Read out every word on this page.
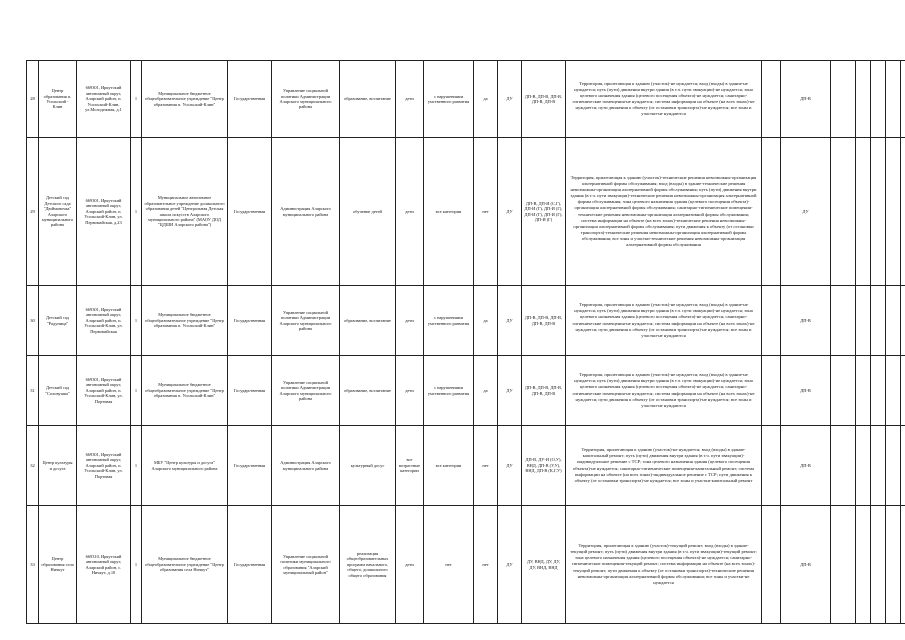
28	Центр образования п. Усольский - Клин	669301, Иркутский автономный округ, Аларский район, п. Усольский-Клин, ул.Молодежная, д.1	1	Муниципальное бюджетное общеобразовательное учреждение "Центр образования п. Усольский-Клин"	Государственная	Управление социальной политики Администрации Аларского муниципального района	образование, воспитание	дети	с нарушениями умственного развития	да	ДУ	ДП-В, ДП-В, ДП-В, ДП-В, ДП-В	Территория, прилегающая к зданию (участок)-не нуждается; вход (входы) в здание-не нуждается; путь (пути) движения внутри здания (в т.ч. пути эвакуации)-не нуждается; зона целевого назначения здания (целевого посещения объекта)-не нуждается; санитарно-гигиенические помещения-не нуждается; система информации на объекте (на всех зонах)-не нуждается; пути движения к объекту (от остановки транспорта)-не нуждается; все зоны и участки-не нуждаются		ДП-В					
29	Детский сад Детского сада "Дюймовочка" Аларского муниципального района	669301, Иркутский автономный округ, Аларский район, п. Усольский-Клин, ул. Первомайская, д.23	1	Муниципальное автономное образовательное учреждение дошкольного образования детей "Центральная Детская школа искусств Аларского муниципального района" (МАОУ ДОД "ЦДШИ Аларского района")	Государственная	Администрация Аларского муниципального района	обучение детей	дети	все категории	нет	ДУ	ДП-В, ДП-И (С,Г), ДП-И (Г), ДП-И (Г), ДП-И (Г), ДП-И (Г), ДП-И (Г)	Территория, прилегающая к зданию (участок)-технические решения невозможны-организация альтернативной формы обслуживания; вход (входы) в здание-технические решения невозможны-организация альтернативной формы обслуживания; путь (пути) движения внутри здания (в т.ч. пути эвакуации)-технические решения невозможны-организация альтернативной формы обслуживания; зона целевого назначения здания (целевого посещения объекта)-организация альтернативной формы обслуживания; санитарно-гигиенические помещения-технические решения невозможны-организация альтернативной формы обслуживания; система информации на объекте (на всех зонах)-технические решения невозможны-организация альтернативной формы обслуживания; пути движения к объекту (от остановки транспорта)-технические решения невозможны-организация альтернативной формы обслуживания; все зоны и участки-технические решения невозможны-организация альтернативной формы обслуживания		ДУ					
30	Детский сад "Радуница"	669301, Иркутский автономный округ, Аларский район, п. Усольский-Клин, ул. Первомайская	1	Муниципальное бюджетное общеобразовательное учреждение "Центр образования п. Усольский-Клин"	Государственная	Управление социальной политики Администрации Аларского муниципального района	образование, воспитание	дети	с нарушениями умственного развития	да	ДУ	ДП-В, ДП-В, ДП-В, ДП-В, ДП-В	Территория, прилегающая к зданию (участок)-не нуждается; вход (входы) в здание-не нуждается; путь (пути) движения внутри здания (в т.ч. пути эвакуации)-не нуждается; зона целевого назначения здания (целевого посещения объекта)-не нуждается; санитарно-гигиенические помещения-не нуждается; система информации на объекте (на всех зонах)-не нуждается; пути движения к объекту (от остановки транспорта)-не нуждается; все зоны и участки-не нуждаются		ДП-В					
31	Детский сад "Соловушка"	669301, Иркутский автономный округ, Аларский район, п. Усольский-Клин, ул. Портовая	1	Муниципальное бюджетное общеобразовательное учреждение "Центр образования п. Усольский-Клин"	Государственная	Управление социальной политики Администрации Аларского муниципального района	образование, воспитание	дети	с нарушениями умственного развития	да	ДУ	ДП-В, ДП-В, ДП-В, ДП-В, ДП-В	Территория, прилегающая к зданию (участок)-не нуждается; вход (входы) в здание-не нуждается; путь (пути) движения внутри здания (в т.ч. пути эвакуации)-не нуждается; зона целевого назначения здания (целевого посещения объекта)-не нуждается; санитарно-гигиенические помещения-не нуждается; система информации на объекте (на всех зонах)-не нуждается; пути движения к объекту (от остановки транспорта)-не нуждается; все зоны и участки-не нуждаются		ДП-В					
32	Центр культуры и досуга	669301, Иркутский автономный округ, Аларский район, п. Усольский-Клин, ул. Портовая	1	МБУ "Центр культуры и досуга" Аларского муниципального района	Государственная	Администрация Аларского муниципального района	культурный досуг	все возрастные категории	все категории	нет	ДУ	ДП-В, ДУ-И (О,У), ВНД, ДП-В (У,У), ВНД, ДП-В (К,Г,У)	Территория, прилегающая к зданию (участок)-не нуждается; вход (входы) в здание-капитальный ремонт; путь (пути) движения внутри здания (в т.ч. пути эвакуации)-индивидуальное решение с ТСР; зона целевого назначения здания (целевого посещения объекта)-не нуждается; санитарно-гигиенические помещения-капитальный ремонт; система информации на объекте (на всех зонах)-индивидуальное решение с ТСР; пути движения к объекту (от остановки транспорта)-не нуждается; все зоны и участки-капитальный ремонт		ДП-В					
33	Центр образования села Ничкут	669310, Иркутский автономный округ, Аларский район, с. Ничкут, д.10	1	Муниципальное бюджетное общеобразовательное учреждение "Центр образования села Ничкут"	Государственная	Управление социальной политики муниципального образования "Аларский муниципальный район"	реализация общеобразовательных программ начального, общего, дошкольного общего образования	дети	нет	нет	ДУ	ДУ, ВНД, ДУ, ДУ, ДУ, ВНД, ВНД	Территория, прилегающая к зданию (участок)-текущий ремонт; вход (входы) в здание-текущий ремонт; путь (пути) движения внутри здания (в т.ч. пути эвакуации)-текущий ремонт; зона целевого назначения здания (целевого посещения объекта)-не нуждается; санитарно-гигиенические помещения-текущий ремонт; система информации на объекте (на всех зонах)-текущий ремонт; пути движения к объекту (от остановки транспорта)-технические решения невозможны-организация альтернативной формы обслуживания; все зоны и участки-не нуждается		ДП-В					
